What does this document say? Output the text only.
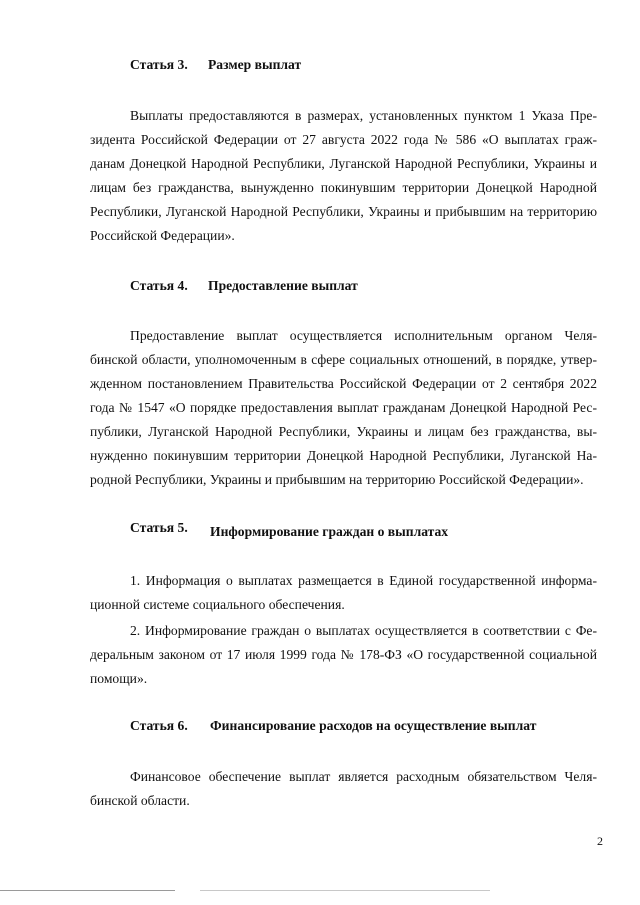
Статья 3. Размер выплат
Выплаты предоставляются в размерах, установленных пунктом 1 Указа Пре-
зидента Российской Федерации от 27 августа 2022 года № 586 «О выплатах граж-
данам Донецкой Народной Республики, Луганской Народной Республики, Украины и
лицам без гражданства, вынужденно покинувшим территории Донецкой Народной
Республики, Луганской Народной Республики, Украины и прибывшим на территорию
Российской Федерации».
Статья 4. Предоставление выплат
Предоставление выплат осуществляется исполнительным органом Челя-
бинской области, уполномоченным в сфере социальных отношений, в порядке, утвер-
жденном постановлением Правительства Российской Федерации от 2 сентября 2022
года № 1547 «О порядке предоставления выплат гражданам Донецкой Народной Рес-
публики, Луганской Народной Республики, Украины и лицам без гражданства, вы-
нужденно покинувшим территории Донецкой Народной Республики, Луганской На-
родной Республики, Украины и прибывшим на территорию Российской Федерации».
Статья 5. Информирование граждан о выплатах
1. Информация о выплатах размещается в Единой государственной информа-
ционной системе социального обеспечения.
2. Информирование граждан о выплатах осуществляется в соответствии с Фе-
деральным законом от 17 июля 1999 года № 178-ФЗ «О государственной социальной
помощи».
Статья 6. Финансирование расходов на осуществление выплат
Финансовое обеспечение выплат является расходным обязательством Челя-
бинской области.
2
